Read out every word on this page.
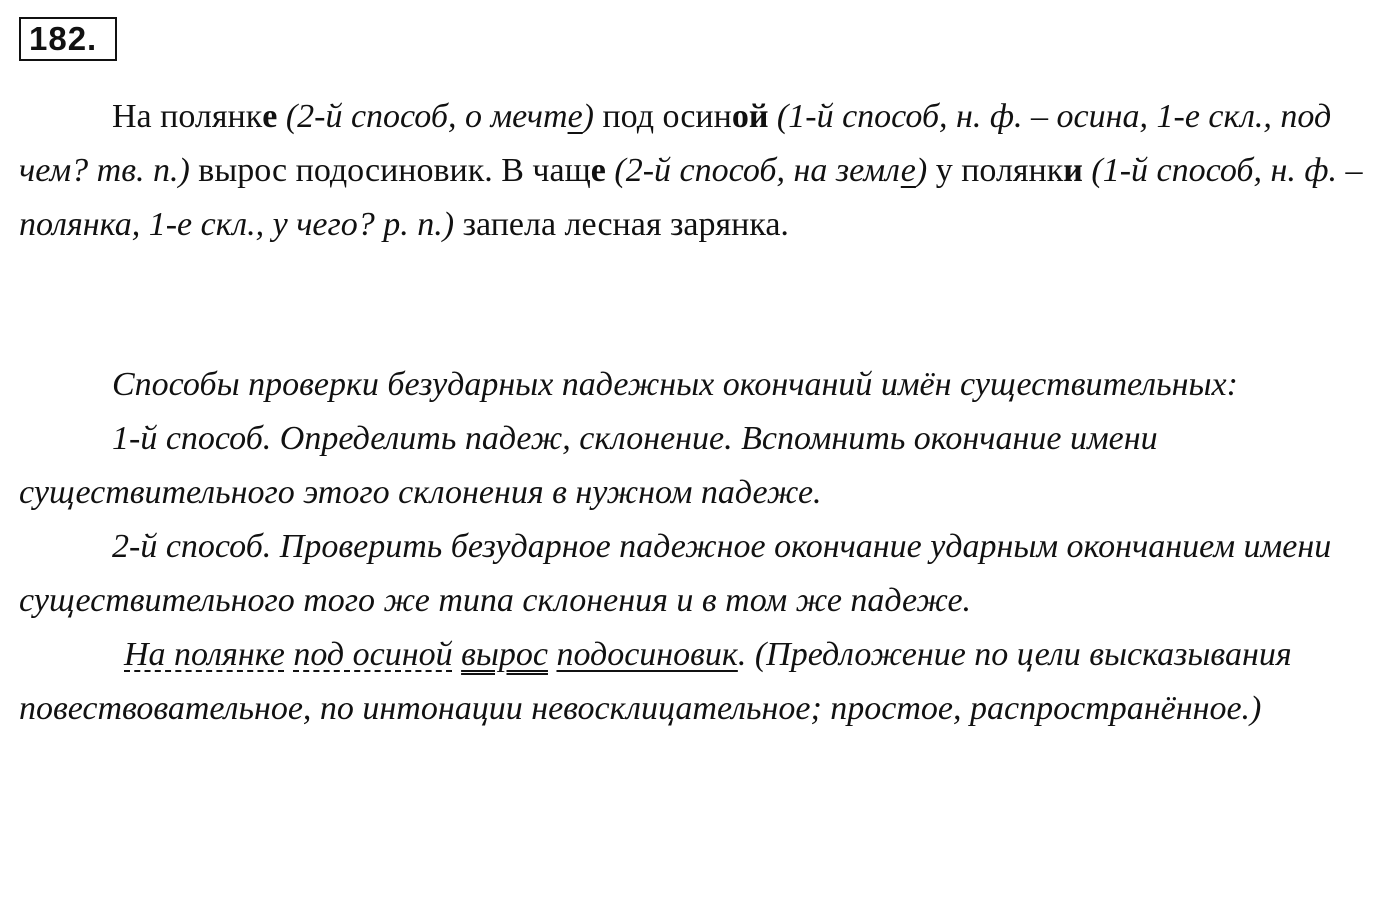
182.
На полянке (2-й способ, о мечте) под осиной (1-й способ, н. ф. – осина, 1-е скл., под чем? тв. п.) вырос подосиновик. В чаще (2-й способ, на земле) у полянки (1-й способ, н. ф. – полянка, 1-е скл., у чего? р. п.) запела лесная зарянка.
Способы проверки безударных падежных окончаний имён существительных:
1-й способ. Определить падеж, склонение. Вспомнить окончание имени существительного этого склонения в нужном падеже.
2-й способ. Проверить безударное падежное окончание ударным окончанием имени существительного того же типа склонения и в том же падеже.
На полянке под осиной вырос подосиновик. (Предложение по цели высказывания повествовательное, по интонации невосклицательное; простое, распространённое.)
